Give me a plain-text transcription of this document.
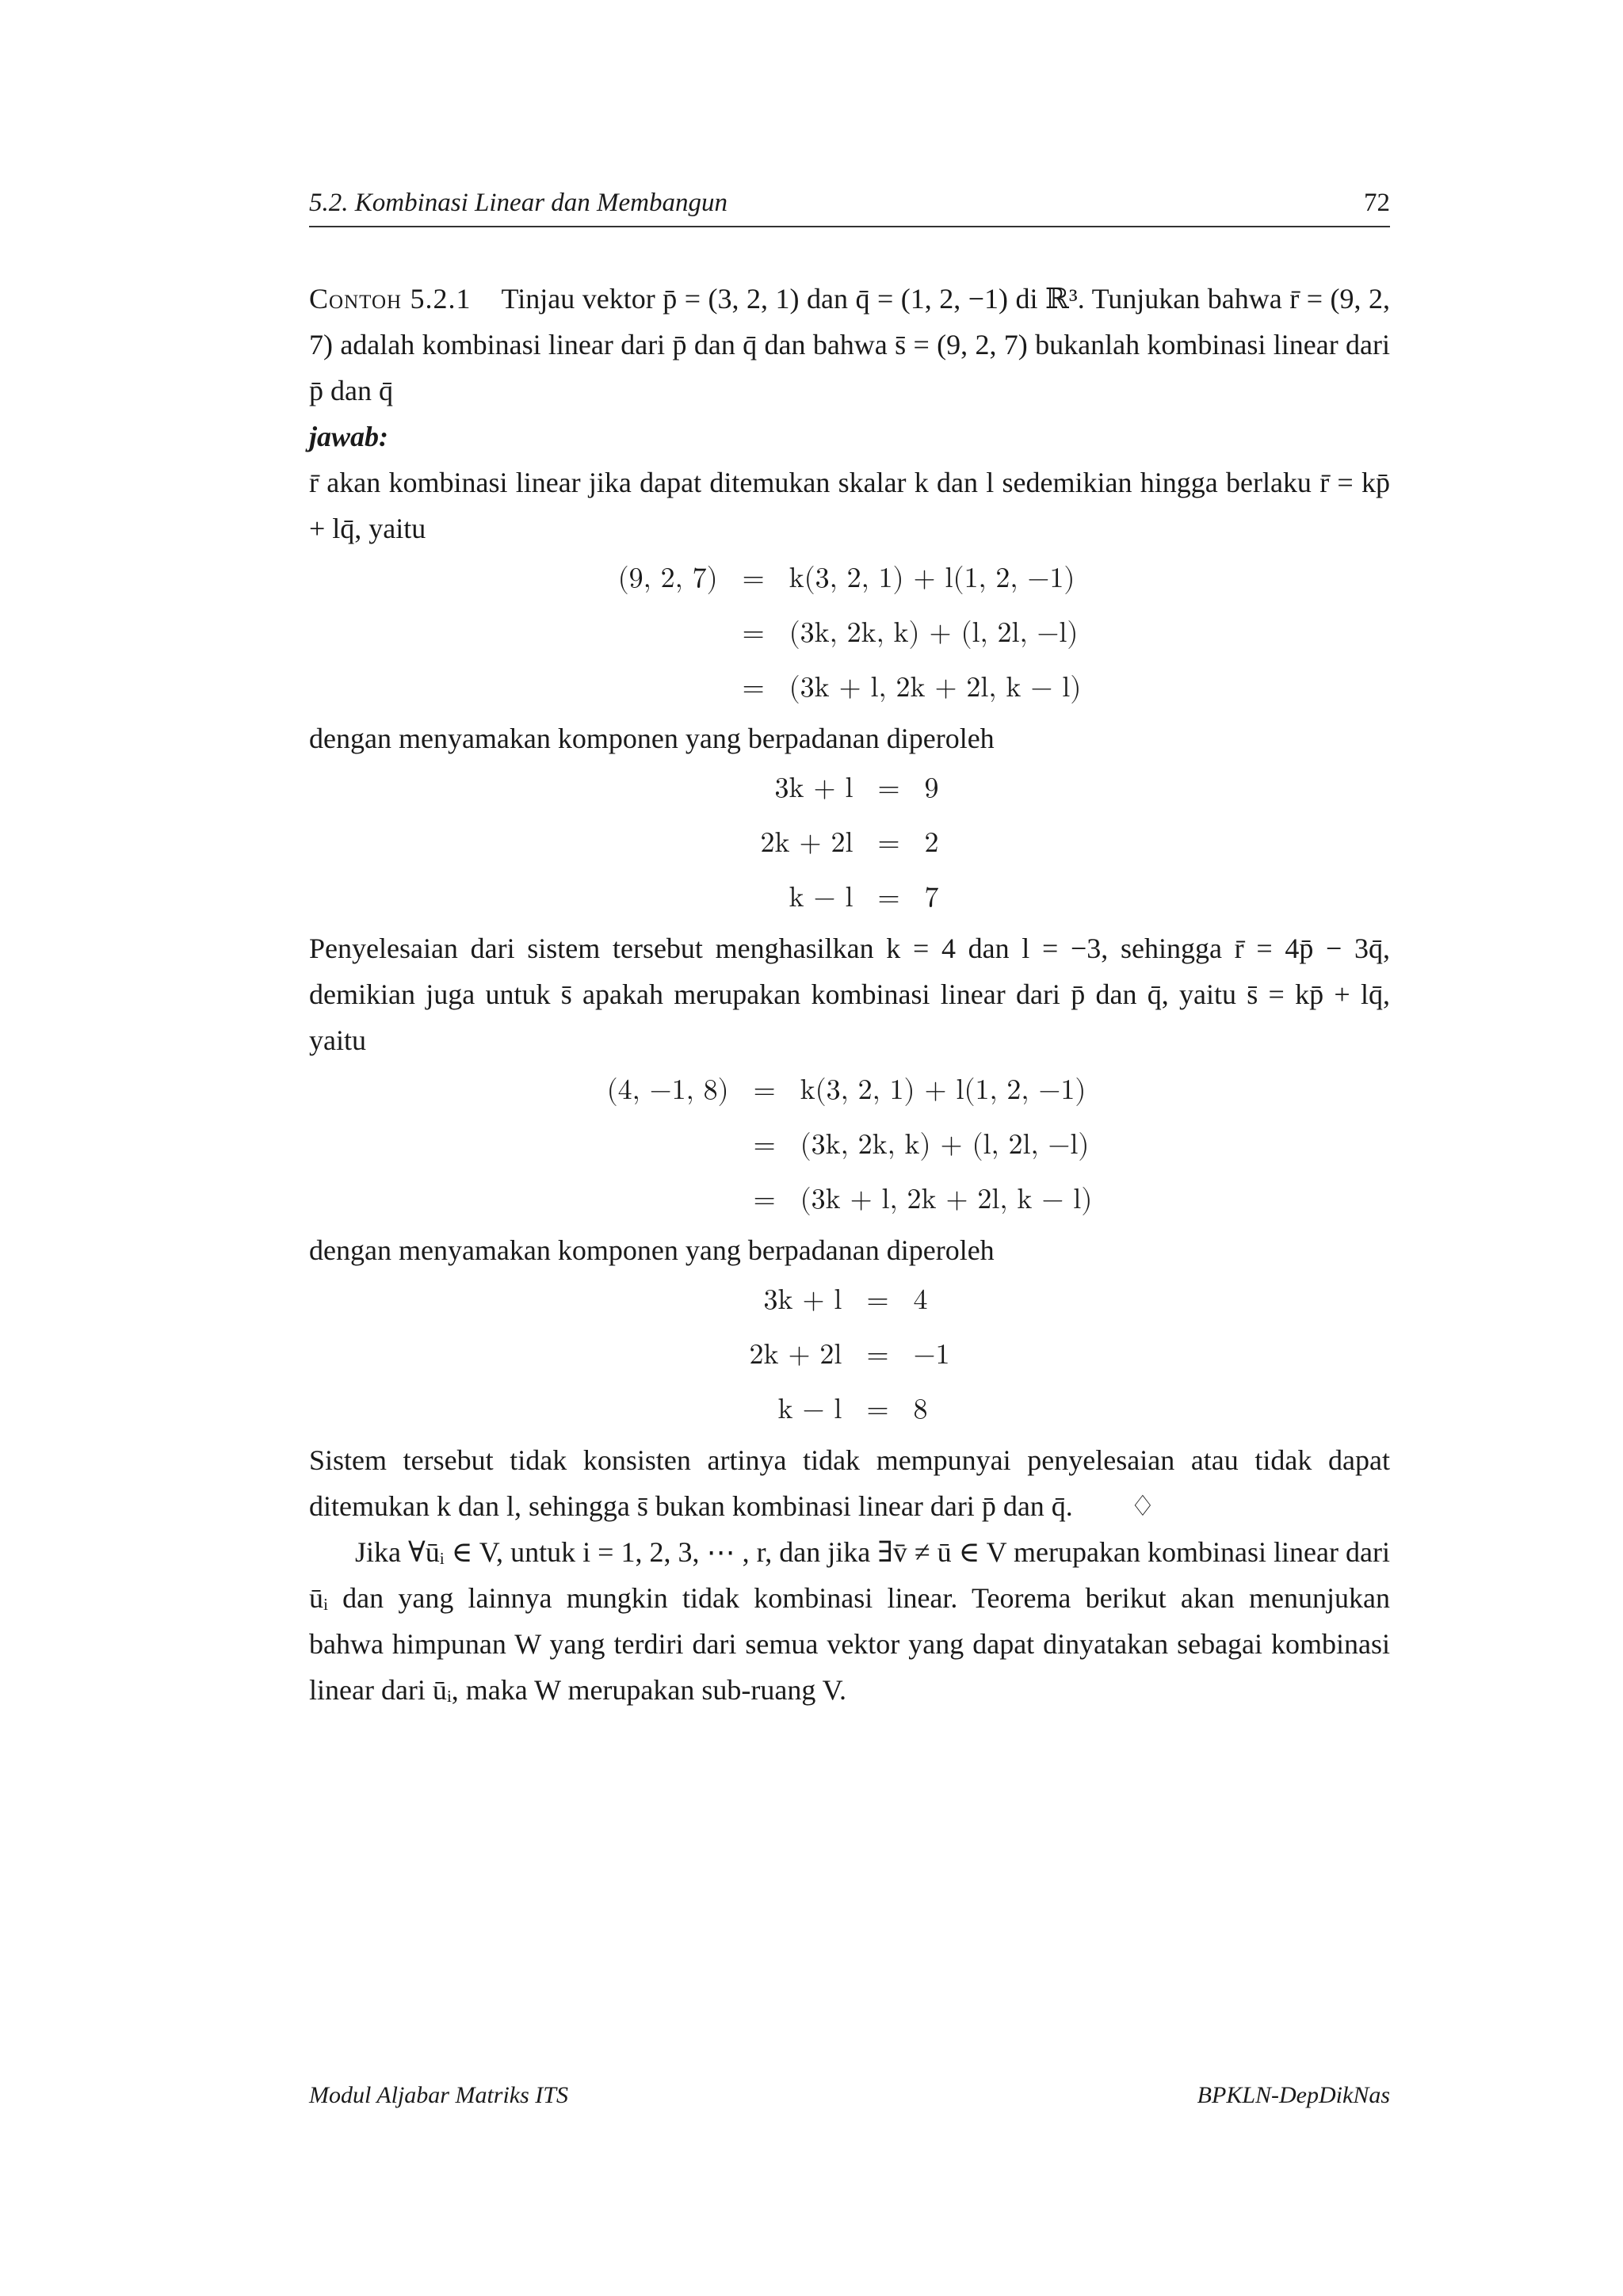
5.2. Kombinasi Linear dan Membangun	72

Contoh 5.2.1 Tinjau vektor p̄ = (3, 2, 1) dan q̄ = (1, 2, −1) di ℝ³. Tunjukan bahwa r̄ = (9, 2, 7) adalah kombinasi linear dari p̄ dan q̄ dan bahwa s̄ = (9, 2, 7) bukanlah kombinasi linear dari p̄ dan q̄

jawab:

r̄ akan kombinasi linear jika dapat ditemukan skalar k dan l sedemikian hingga berlaku r̄ = kp̄ + lq̄, yaitu

(9, 2, 7)	=	k(3, 2, 1) + l(1, 2, −1)
	=	(3k, 2k, k) + (l, 2l, −l)
	=	(3k + l, 2k + 2l, k − l)

dengan menyamakan komponen yang berpadanan diperoleh

3k + l	=	9
2k + 2l	=	2
k − l	=	7

Penyelesaian dari sistem tersebut menghasilkan k = 4 dan l = −3, sehingga r̄ = 4p̄ − 3q̄, demikian juga untuk s̄ apakah merupakan kombinasi linear dari p̄ dan q̄, yaitu s̄ = kp̄ + lq̄, yaitu

(4, −1, 8)	=	k(3, 2, 1) + l(1, 2, −1)
	=	(3k, 2k, k) + (l, 2l, −l)
	=	(3k + l, 2k + 2l, k − l)

dengan menyamakan komponen yang berpadanan diperoleh

3k + l	=	4
2k + 2l	=	−1
k − l	=	8

Sistem tersebut tidak konsisten artinya tidak mempunyai penyelesaian atau tidak dapat ditemukan k dan l, sehingga s̄ bukan kombinasi linear dari p̄ dan q̄. ♢

Jika ∀ūᵢ ∈ V, untuk i = 1, 2, 3, ⋯ , r, dan jika ∃v̄ ≠ ū ∈ V merupakan kombinasi linear dari ūᵢ dan yang lainnya mungkin tidak kombinasi linear. Teorema berikut akan menunjukan bahwa himpunan W yang terdiri dari semua vektor yang dapat dinyatakan sebagai kombinasi linear dari ūᵢ, maka W merupakan sub-ruang V.

Modul Aljabar Matriks ITS	BPKLN-DepDikNas
